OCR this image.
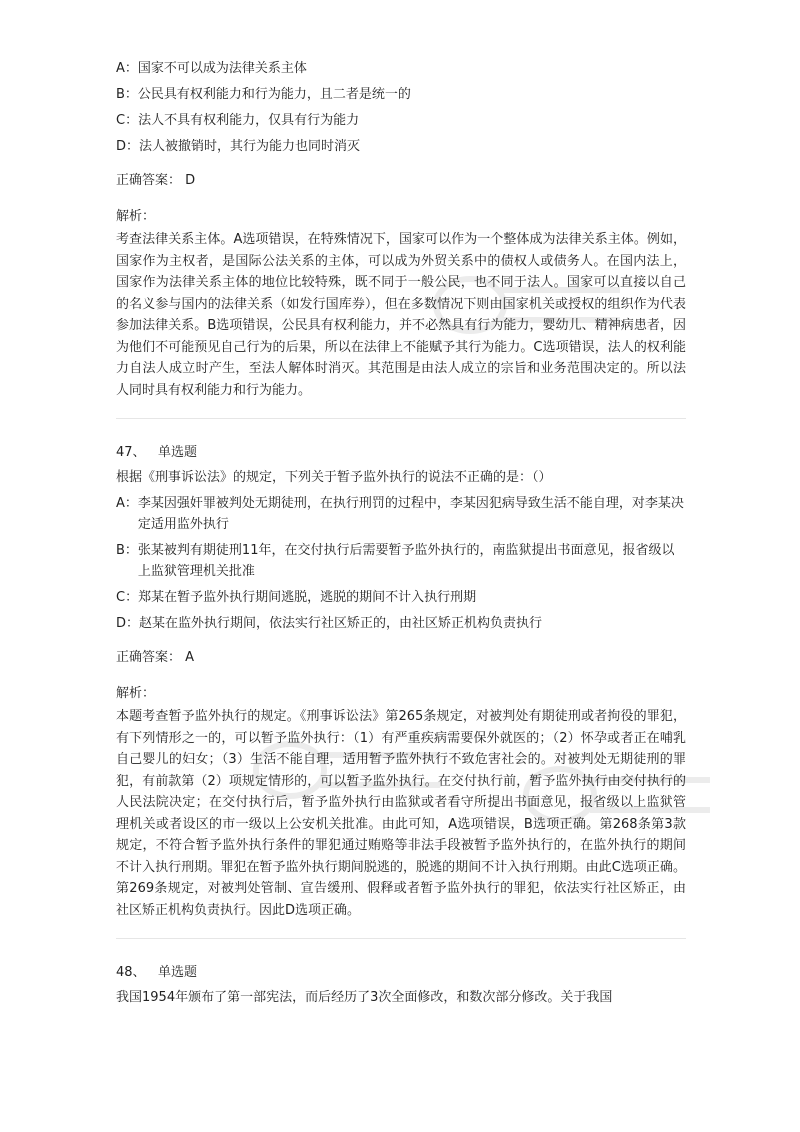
A： 国家不可以成为法律关系主体
B： 公民具有权利能力和行为能力，且二者是统一的
C： 法人不具有权利能力，仅具有行为能力
D： 法人被撤销时，其行为能力也同时消灭
正确答案： D
解析：
考查法律关系主体。A选项错误，在特殊情况下，国家可以作为一个整体成为法律关系主体。例如，国家作为主权者，是国际公法关系的主体，可以成为外贸关系中的债权人或债务人。在国内法上，国家作为法律关系主体的地位比较特殊，既不同于一般公民，也不同于法人。国家可以直接以自己的名义参与国内的法律关系（如发行国库券），但在多数情况下则由国家机关或授权的组织作为代表参加法律关系。B选项错误，公民具有权利能力，并不必然具有行为能力，婴幼儿、精神病患者，因为他们不可能预见自己行为的后果，所以在法律上不能赋予其行为能力。C选项错误，法人的权利能力自法人成立时产生，至法人解体时消灭。其范围是由法人成立的宗旨和业务范围决定的。所以法人同时具有权利能力和行为能力。
47、 单选题
根据《刑事诉讼法》的规定，下列关于暂予监外执行的说法不正确的是：（）
A： 李某因强奸罪被判处无期徒刑，在执行刑罚的过程中，李某因犯病导致生活不能自理，对李某决定适用监外执行
B： 张某被判有期徒刑11年，在交付执行后需要暂予监外执行的，南监狱提出书面意见，报省级以上监狱管理机关批准
C： 郑某在暂予监外执行期间逃脱，逃脱的期间不计入执行刑期
D： 赵某在监外执行期间，依法实行社区矫正的，由社区矫正机构负责执行
正确答案： A
解析：
本题考查暂予监外执行的规定。《刑事诉讼法》第265条规定，对被判处有期徒刑或者拘役的罪犯，有下列情形之一的，可以暂予监外执行：（1）有严重疾病需要保外就医的；（2）怀孕或者正在哺乳自己婴儿的妇女；（3）生活不能自理，适用暂予监外执行不致危害社会的。对被判处无期徒刑的罪犯，有前款第（2）项规定情形的，可以暂予监外执行。在交付执行前，暂予监外执行由交付执行的人民法院决定；在交付执行后，暂予监外执行由监狱或者看守所提出书面意见，报省级以上监狱管理机关或者设区的市一级以上公安机关批准。由此可知，A选项错误，B选项正确。第268条第3款规定，不符合暂予监外执行条件的罪犯通过贿赂等非法手段被暂予监外执行的，在监外执行的期间不计入执行刑期。罪犯在暂予监外执行期间脱逃的，脱逃的期间不计入执行刑期。由此C选项正确。第269条规定，对被判处管制、宣告缓刑、假释或者暂予监外执行的罪犯，依法实行社区矫正，由社区矫正机构负责执行。因此D选项正确。
48、 单选题
我国1954年颁布了第一部宪法，而后经历了3次全面修改，和数次部分修改。关于我国
